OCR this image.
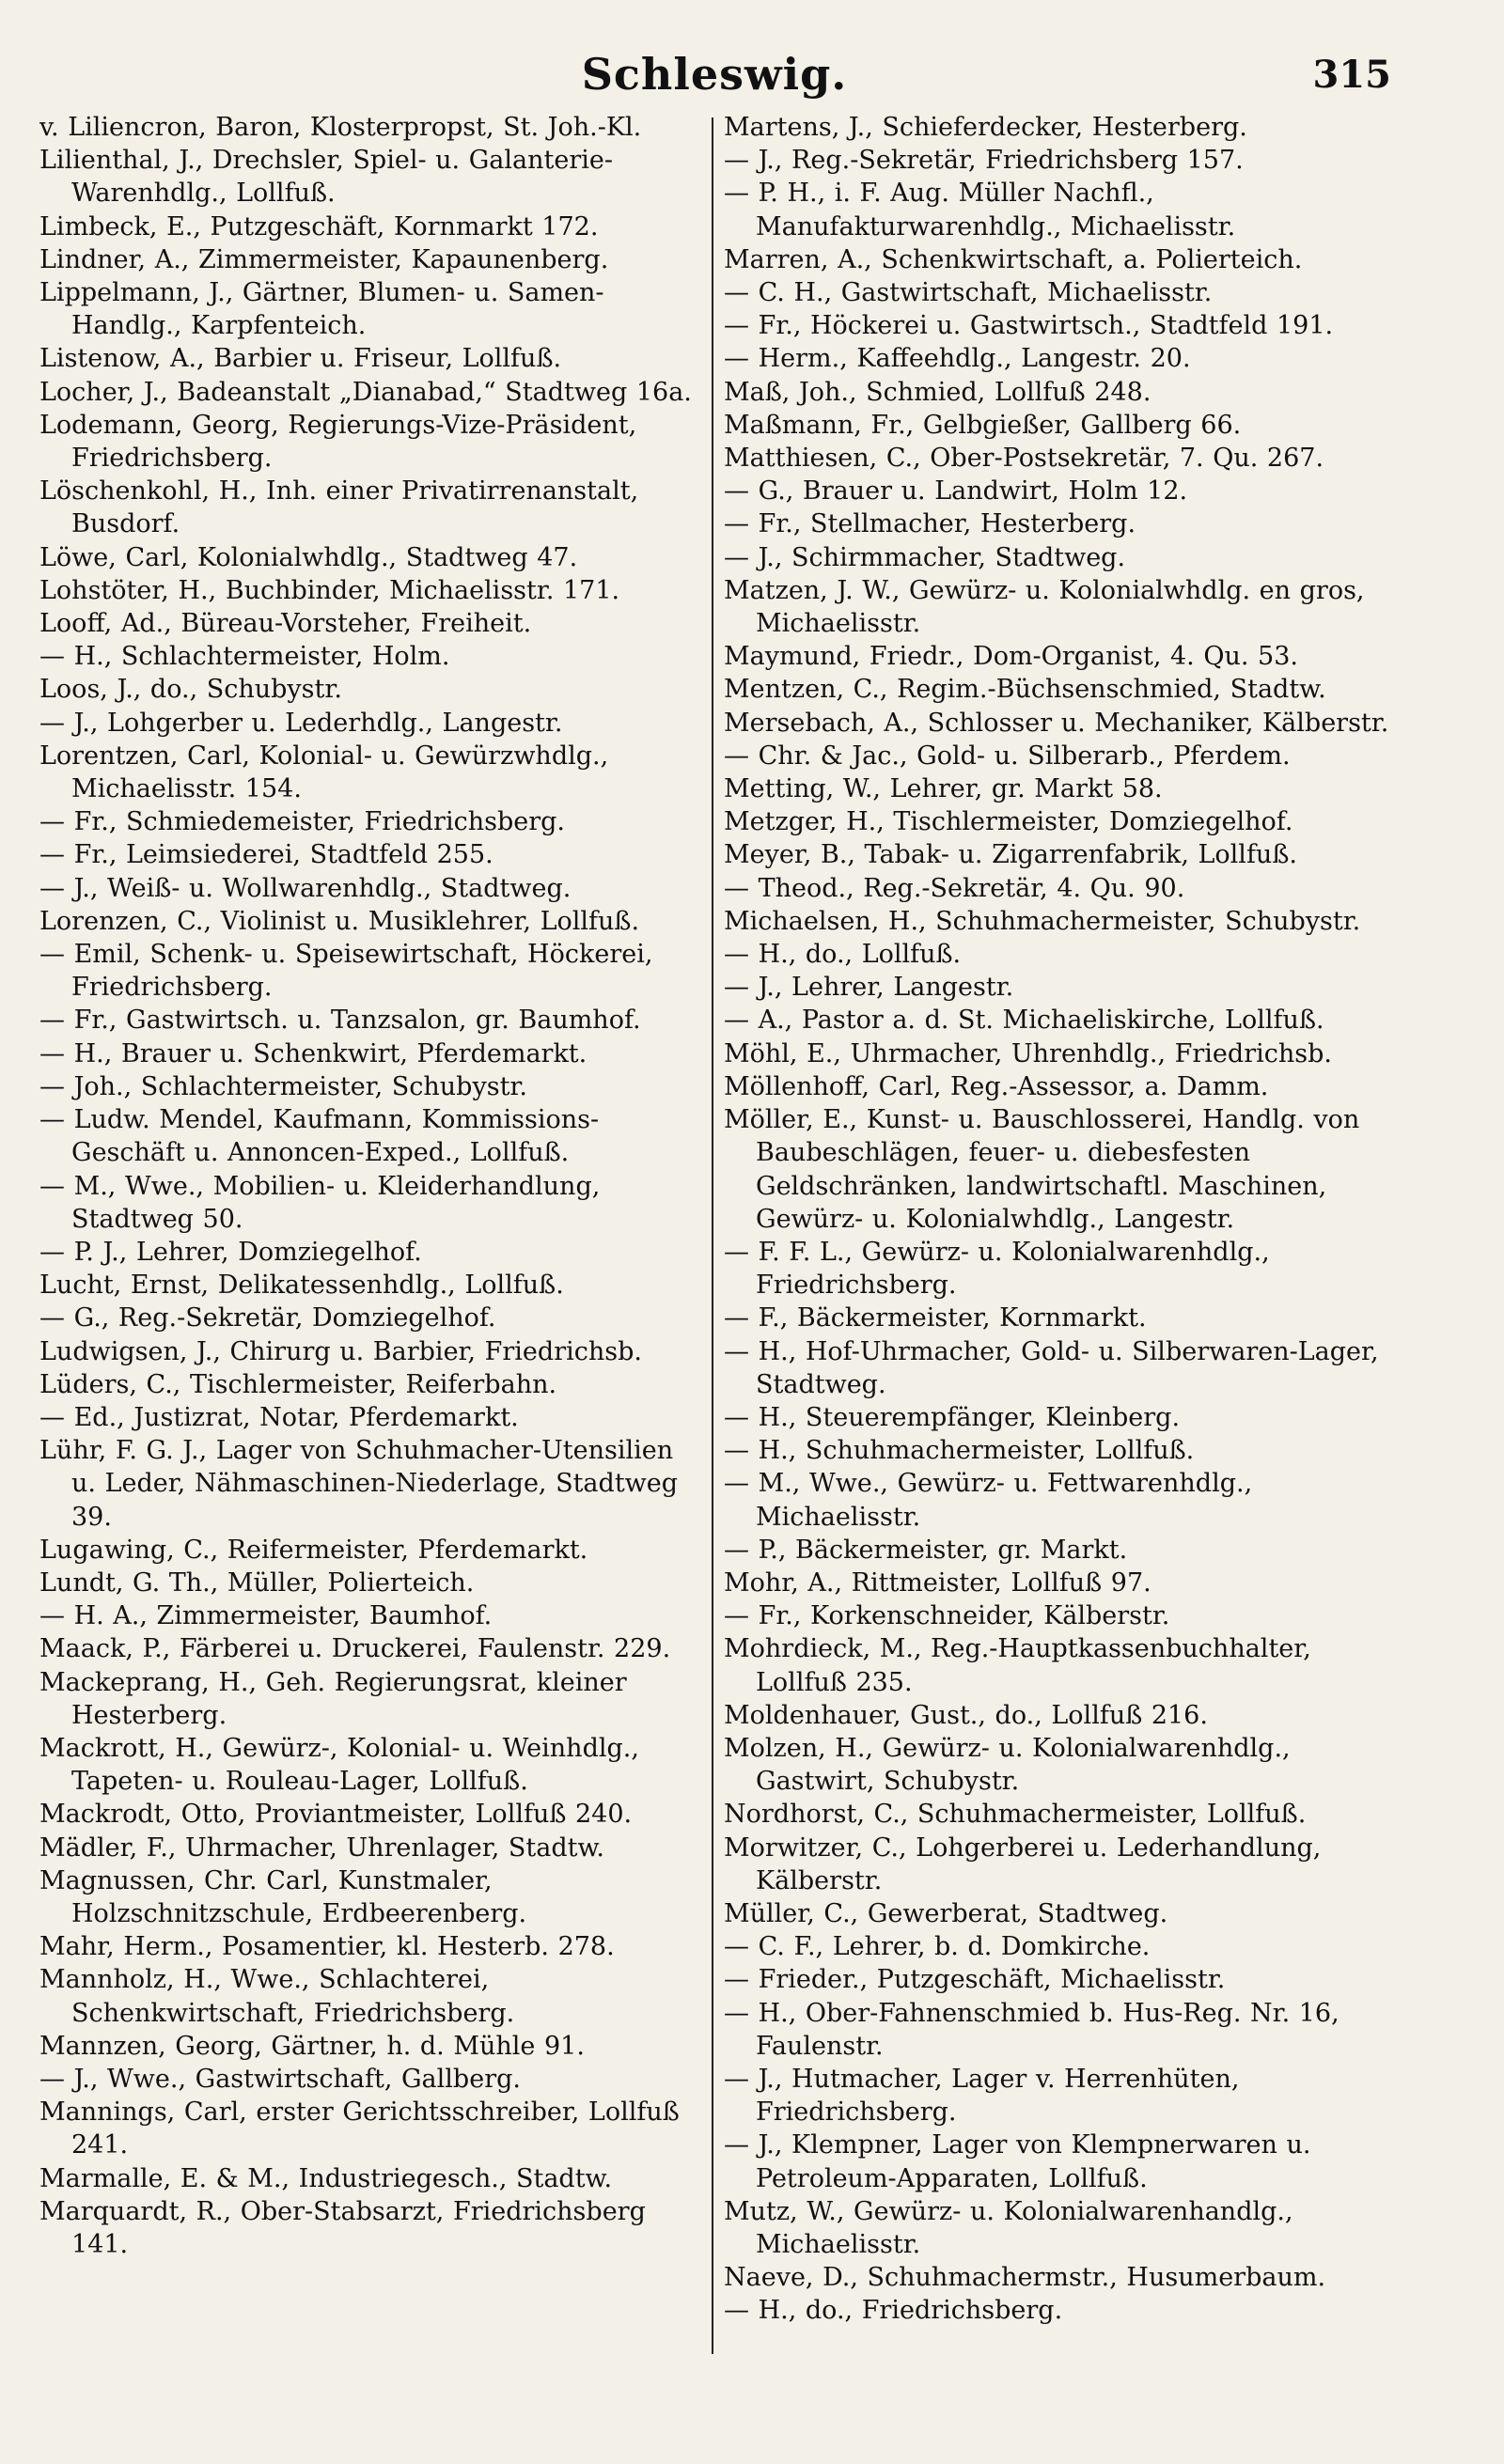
Schleswig.	315
v. Liliencron, Baron, Klosterpropst, St. Joh.-Kl.
Lilienthal, J., Drechsler, Spiel- u. Galanterie-Warenhdlg., Lollfuß.
Limbeck, E., Putzgeschäft, Kornmarkt 172.
Lindner, A., Zimmermeister, Kapaunenberg.
Lippelmann, J., Gärtner, Blumen- u. Samen-Handlg., Karpfenteich.
Listenow, A., Barbier u. Friseur, Lollfuß.
Locher, J., Badeanstalt „Dianabad,“ Stadtweg 16a.
Lodemann, Georg, Regierungs-Vize-Präsident, Friedrichsberg.
Löschenkohl, H., Inh. einer Privatirrenanstalt, Busdorf.
Löwe, Carl, Kolonialwhdlg., Stadtweg 47.
Lohstöter, H., Buchbinder, Michaelisstr. 171.
Looff, Ad., Büreau-Vorsteher, Freiheit.
— H., Schlachtermeister, Holm.
Loos, J., do., Schubystr.
— J., Lohgerber u. Lederhdlg., Langestr.
Lorentzen, Carl, Kolonial- u. Gewürzwhdlg., Michaelisstr. 154.
— Fr., Schmiedemeister, Friedrichsberg.
— Fr., Leimsiederei, Stadtfeld 255.
— J., Weiß- u. Wollwarenhdlg., Stadtweg.
Lorenzen, C., Violinist u. Musiklehrer, Lollfuß.
— Emil, Schenk- u. Speisewirtschaft, Höckerei, Friedrichsberg.
— Fr., Gastwirtsch. u. Tanzsalon, gr. Baumhof.
— H., Brauer u. Schenkwirt, Pferdemarkt.
— Joh., Schlachtermeister, Schubystr.
— Ludw. Mendel, Kaufmann, Kommissions-Geschäft u. Annoncen-Exped., Lollfuß.
— M., Wwe., Mobilien- u. Kleiderhandlung, Stadtweg 50.
— P. J., Lehrer, Domziegelhof.
Lucht, Ernst, Delikatessenhdlg., Lollfuß.
— G., Reg.-Sekretär, Domziegelhof.
Ludwigsen, J., Chirurg u. Barbier, Friedrichsb.
Lüders, C., Tischlermeister, Reiferbahn.
— Ed., Justizrat, Notar, Pferdemarkt.
Lühr, F. G. J., Lager von Schuhmacher-Utensilien u. Leder, Nähmaschinen-Niederlage, Stadtweg 39.
Lugawing, C., Reifermeister, Pferdemarkt.
Lundt, G. Th., Müller, Polierteich.
— H. A., Zimmermeister, Baumhof.
Maack, P., Färberei u. Druckerei, Faulenstr. 229.
Mackeprang, H., Geh. Regierungsrat, kleiner Hesterberg.
Mackrott, H., Gewürz-, Kolonial- u. Weinhdlg., Tapeten- u. Rouleau-Lager, Lollfuß.
Mackrodt, Otto, Proviantmeister, Lollfuß 240.
Mädler, F., Uhrmacher, Uhrenlager, Stadtw.
Magnussen, Chr. Carl, Kunstmaler, Holzschnitzschule, Erdbeerenberg.
Mahr, Herm., Posamentier, kl. Hesterb. 278.
Mannholz, H., Wwe., Schlachterei, Schenkwirtschaft, Friedrichsberg.
Mannzen, Georg, Gärtner, h. d. Mühle 91.
— J., Wwe., Gastwirtschaft, Gallberg.
Mannings, Carl, erster Gerichtsschreiber, Lollfuß 241.
Marmalle, E. & M., Industriegesch., Stadtw.
Marquardt, R., Ober-Stabsarzt, Friedrichsberg 141.
Martens, J., Schieferdecker, Hesterberg.
— J., Reg.-Sekretär, Friedrichsberg 157.
— P. H., i. F. Aug. Müller Nachfl., Manufakturwarenhdlg., Michaelisstr.
Marren, A., Schenkwirtschaft, a. Polierteich.
— C. H., Gastwirtschaft, Michaelisstr.
— Fr., Höckerei u. Gastwirtsch., Stadtfeld 191.
— Herm., Kaffeehdlg., Langestr. 20.
Maß, Joh., Schmied, Lollfuß 248.
Maßmann, Fr., Gelbgießer, Gallberg 66.
Matthiesen, C., Ober-Postsekretär, 7. Qu. 267.
— G., Brauer u. Landwirt, Holm 12.
— Fr., Stellmacher, Hesterberg.
— J., Schirmmacher, Stadtweg.
Matzen, J. W., Gewürz- u. Kolonialwhdlg. en gros, Michaelisstr.
Maymund, Friedr., Dom-Organist, 4. Qu. 53.
Mentzen, C., Regim.-Büchsenschmied, Stadtw.
Mersebach, A., Schlosser u. Mechaniker, Kälberstr.
— Chr. & Jac., Gold- u. Silberarb., Pferdem.
Metting, W., Lehrer, gr. Markt 58.
Metzger, H., Tischlermeister, Domziegelhof.
Meyer, B., Tabak- u. Zigarrenfabrik, Lollfuß.
— Theod., Reg.-Sekretär, 4. Qu. 90.
Michaelsen, H., Schuhmachermeister, Schubystr.
— H., do., Lollfuß.
— J., Lehrer, Langestr.
— A., Pastor a. d. St. Michaeliskirche, Lollfuß.
Möhl, E., Uhrmacher, Uhrenhdlg., Friedrichsb.
Möllenhoff, Carl, Reg.-Assessor, a. Damm.
Möller, E., Kunst- u. Bauschlosserei, Handlg. von Baubeschlägen, feuer- u. diebesfesten Geldschränken, landwirtschaftl. Maschinen, Gewürz- u. Kolonialwhdlg., Langestr.
— F. F. L., Gewürz- u. Kolonialwarenhdlg., Friedrichsberg.
— F., Bäckermeister, Kornmarkt.
— H., Hof-Uhrmacher, Gold- u. Silberwaren-Lager, Stadtweg.
— H., Steuerempfänger, Kleinberg.
— H., Schuhmachermeister, Lollfuß.
— M., Wwe., Gewürz- u. Fettwarenhdlg., Michaelisstr.
— P., Bäckermeister, gr. Markt.
Mohr, A., Rittmeister, Lollfuß 97.
— Fr., Korkenschneider, Kälberstr.
Mohrdieck, M., Reg.-Hauptkassenbuchhalter, Lollfuß 235.
Moldenhauer, Gust., do., Lollfuß 216.
Molzen, H., Gewürz- u. Kolonialwarenhdlg., Gastwirt, Schubystr.
Nordhorst, C., Schuhmachermeister, Lollfuß.
Morwitzer, C., Lohgerberei u. Lederhandlung, Kälberstr.
Müller, C., Gewerberat, Stadtweg.
— C. F., Lehrer, b. d. Domkirche.
— Frieder., Putzgeschäft, Michaelisstr.
— H., Ober-Fahnenschmied b. Hus-Reg. Nr. 16, Faulenstr.
— J., Hutmacher, Lager v. Herrenhüten, Friedrichsberg.
— J., Klempner, Lager von Klempnerwaren u. Petroleum-Apparaten, Lollfuß.
Mutz, W., Gewürz- u. Kolonialwarenhandlg., Michaelisstr.
Naeve, D., Schuhmachermstr., Husumerbaum.
— H., do., Friedrichsberg.
